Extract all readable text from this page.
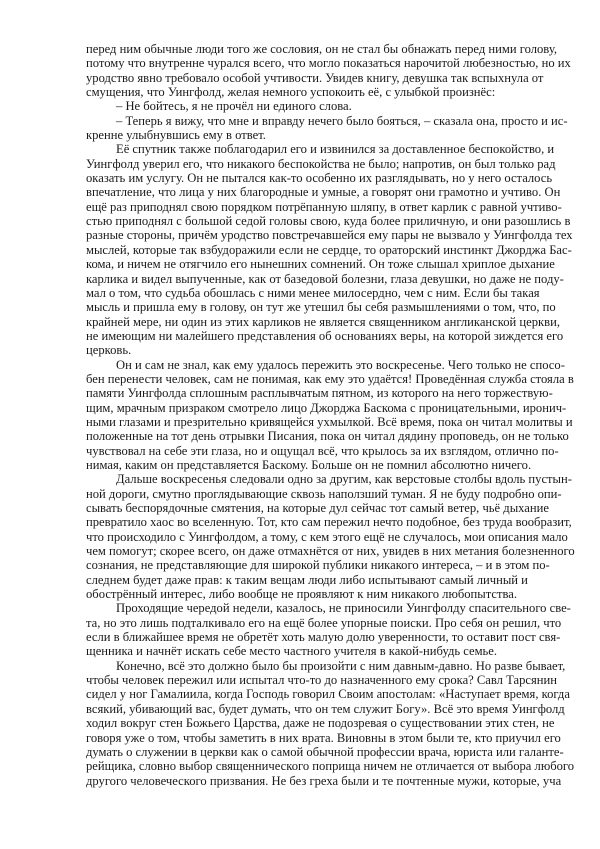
перед ним обычные люди того же сословия, он не стал бы обнажать перед ними голову,
потому что внутренне чурался всего, что могло показаться нарочитой любезностью, но их
уродство явно требовало особой учтивости. Увидев книгу, девушка так вспыхнула от
смущения, что Уингфолд, желая немного успокоить её, с улыбкой произнёс:
– Не бойтесь, я не прочёл ни единого слова.
– Теперь я вижу, что мне и вправду нечего было бояться, – сказала она, просто и ис-
кренне улыбнувшись ему в ответ.
Её спутник также поблагодарил его и извинился за доставленное беспокойство, и
Уингфолд уверил его, что никакого беспокойства не было; напротив, он был только рад
оказать им услугу. Он не пытался как-то особенно их разглядывать, но у него осталось
впечатление, что лица у них благородные и умные, а говорят они грамотно и учтиво. Он
ещё раз приподнял свою порядком потрёпанную шляпу, в ответ карлик с равной учтиво-
стью приподнял с большой седой головы свою, куда более приличную, и они разошлись в
разные стороны, причём уродство повстречавшейся ему пары не вызвало у Уингфолда тех
мыслей, которые так взбудоражили если не сердце, то ораторский инстинкт Джорджа Бас-
кома, и ничем не отягчило его нынешних сомнений. Он тоже слышал хриплое дыхание
карлика и видел выпученные, как от базедовой болезни, глаза девушки, но даже не поду-
мал о том, что судьба обошлась с ними менее милосердно, чем с ним. Если бы такая
мысль и пришла ему в голову, он тут же утешил бы себя размышлениями о том, что, по
крайней мере, ни один из этих карликов не является священником англиканской церкви,
не имеющим ни малейшего представления об основаниях веры, на которой зиждется его
церковь.
Он и сам не знал, как ему удалось пережить это воскресенье. Чего только не спосо-
бен перенести человек, сам не понимая, как ему это удаётся! Проведённая служба стояла в
памяти Уингфолда сплошным расплывчатым пятном, из которого на него торжествую-
щим, мрачным призраком смотрело лицо Джорджа Баскома с проницательными, иронич-
ными глазами и презрительно кривящейся ухмылкой. Всё время, пока он читал молитвы и
положенные на тот день отрывки Писания, пока он читал дядину проповедь, он не только
чувствовал на себе эти глаза, но и ощущал всё, что крылось за их взглядом, отлично по-
нимая, каким он представляется Баскому. Больше он не помнил абсолютно ничего.
Дальше воскресенья следовали одно за другим, как верстовые столбы вдоль пустын-
ной дороги, смутно проглядывающие сквозь наползший туман. Я не буду подробно опи-
сывать беспорядочные смятения, на которые дул сейчас тот самый ветер, чьё дыхание
превратило хаос во вселенную. Тот, кто сам пережил нечто подобное, без труда вообразит,
что происходило с Уингфолдом, а тому, с кем этого ещё не случалось, мои описания мало
чем помогут; скорее всего, он даже отмахнётся от них, увидев в них метания болезненного
сознания, не представляющие для широкой публики никакого интереса, – и в этом по-
следнем будет даже прав: к таким вещам люди либо испытывают самый личный и
обострённый интерес, либо вообще не проявляют к ним никакого любопытства.
Проходящие чередой недели, казалось, не приносили Уингфолду спасительного све-
та, но это лишь подталкивало его на ещё более упорные поиски. Про себя он решил, что
если в ближайшее время не обретёт хоть малую долю уверенности, то оставит пост свя-
щенника и начнёт искать себе место частного учителя в какой-нибудь семье.
Конечно, всё это должно было бы произойти с ним давным-давно. Но разве бывает,
чтобы человек пережил или испытал что-то до назначенного ему срока? Савл Тарсянин
сидел у ног Гамалиила, когда Господь говорил Своим апостолам: «Наступает время, когда
всякий, убивающий вас, будет думать, что он тем служит Богу». Всё это время Уингфолд
ходил вокруг стен Божьего Царства, даже не подозревая о существовании этих стен, не
говоря уже о том, чтобы заметить в них врата. Виновны в этом были те, кто приучил его
думать о служении в церкви как о самой обычной профессии врача, юриста или галанте-
рейщика, словно выбор священнического поприща ничем не отличается от выбора любого
другого человеческого призвания. Не без греха были и те почтенные мужи, которые, уча
